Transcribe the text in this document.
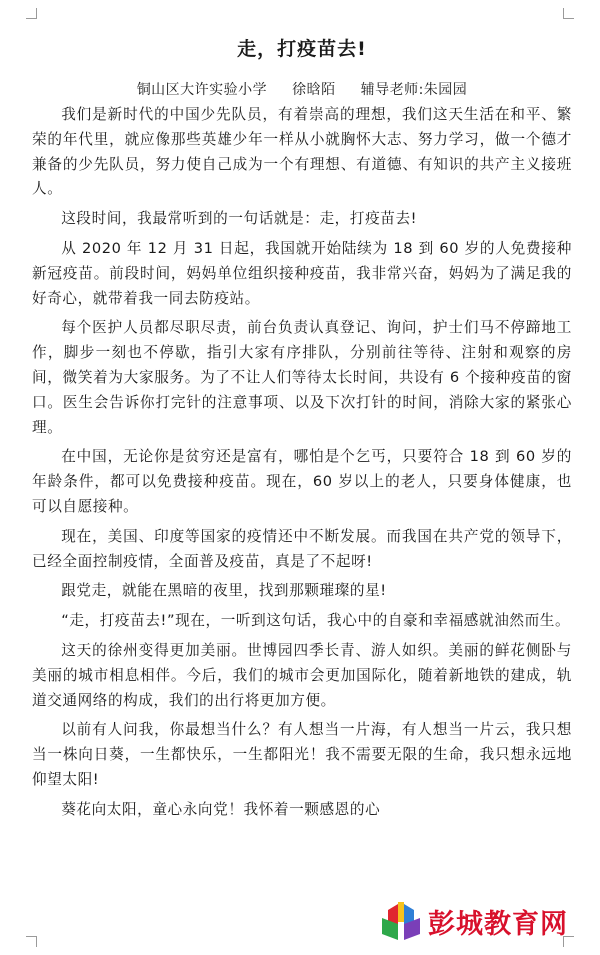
走，打疫苗去!
铜山区大许实验小学 徐晗陌 辅导老师:朱园园

我们是新时代的中国少先队员，有着崇高的理想，我们这天生活在和平、繁荣的年代里，就应像那些英雄少年一样从小就胸怀大志、努力学习，做一个德才兼备的少先队员，努力使自己成为一个有理想、有道德、有知识的共产主义接班人。

这段时间，我最常听到的一句话就是：走，打疫苗去!

从 2020 年 12 月 31 日起，我国就开始陆续为 18 到 60 岁的人免费接种新冠疫苗。前段时间，妈妈单位组织接种疫苗，我非常兴奋，妈妈为了满足我的好奇心，就带着我一同去防疫站。

每个医护人员都尽职尽责，前台负责认真登记、询问，护士们马不停蹄地工作，脚步一刻也不停歇，指引大家有序排队，分别前往等待、注射和观察的房间，微笑着为大家服务。为了不让人们等待太长时间，共设有 6 个接种疫苗的窗口。医生会告诉你打完针的注意事项、以及下次打针的时间，消除大家的紧张心理。

在中国，无论你是贫穷还是富有，哪怕是个乞丐，只要符合 18 到 60 岁的年龄条件，都可以免费接种疫苗。现在，60 岁以上的老人，只要身体健康，也可以自愿接种。

现在，美国、印度等国家的疫情还中不断发展。而我国在共产党的领导下，已经全面控制疫情，全面普及疫苗，真是了不起呀!

跟党走，就能在黑暗的夜里，找到那颗璀璨的星!

“走，打疫苗去!”现在，一听到这句话，我心中的自豪和幸福感就油然而生。

这天的徐州变得更加美丽。世博园四季长青、游人如织。美丽的鲜花侧卧与美丽的城市相息相伴。今后，我们的城市会更加国际化，随着新地铁的建成，轨道交通网络的构成，我们的出行将更加方便。

以前有人问我，你最想当什么？有人想当一片海，有人想当一片云，我只想当一株向日葵，一生都快乐，一生都阳光！我不需要无限的生命，我只想永远地仰望太阳!

葵花向太阳，童心永向党！我怀着一颗感恩的心

彭城教育网
